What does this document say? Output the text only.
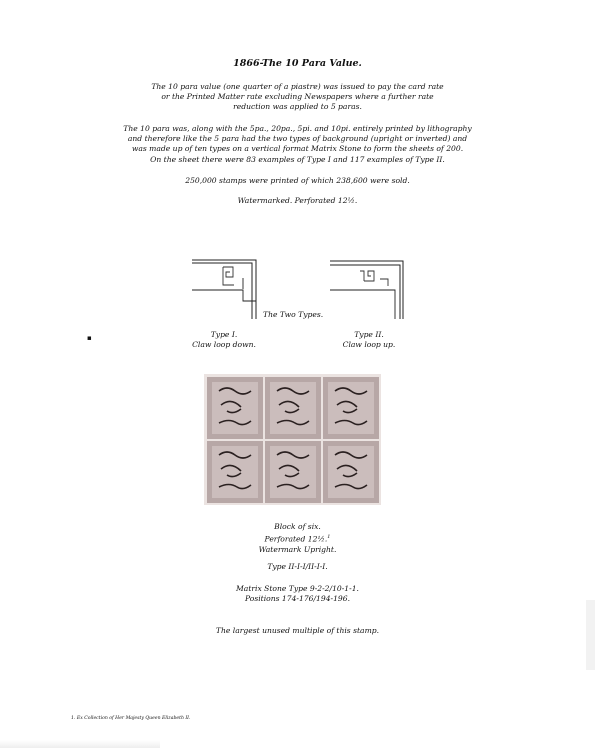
1866-The 10 Para Value.
The 10 para value (one quarter of a piastre) was issued to pay the card rate
or the Printed Matter rate excluding Newspapers where a further rate
reduction was applied to 5 paras.
The 10 para was, along with the 5pa., 20pa., 5pi. and 10pi. entirely printed by lithography
and therefore like the 5 para had the two types of background (upright or inverted) and
was made up of ten types on a vertical format Matrix Stone to form the sheets of 200.
On the sheet there were 83 examples of Type I and 117 examples of Type II.
250,000 stamps were printed of which 238,600 were sold.
Watermarked. Perforated 12½.
The Two Types.
▪	Type I.
Claw loop down.
Type II.
Claw loop up.
Block of six.
Perforated 12½.$^1$
Watermark Upright.
Type II-I-I/II-I-I.
Matrix Stone Type 9-2-2/10-1-1.
Positions 174-176/194-196.
The largest unused multiple of this stamp.
1. Ex Collection of Her Majesty Queen Elizabeth II.
